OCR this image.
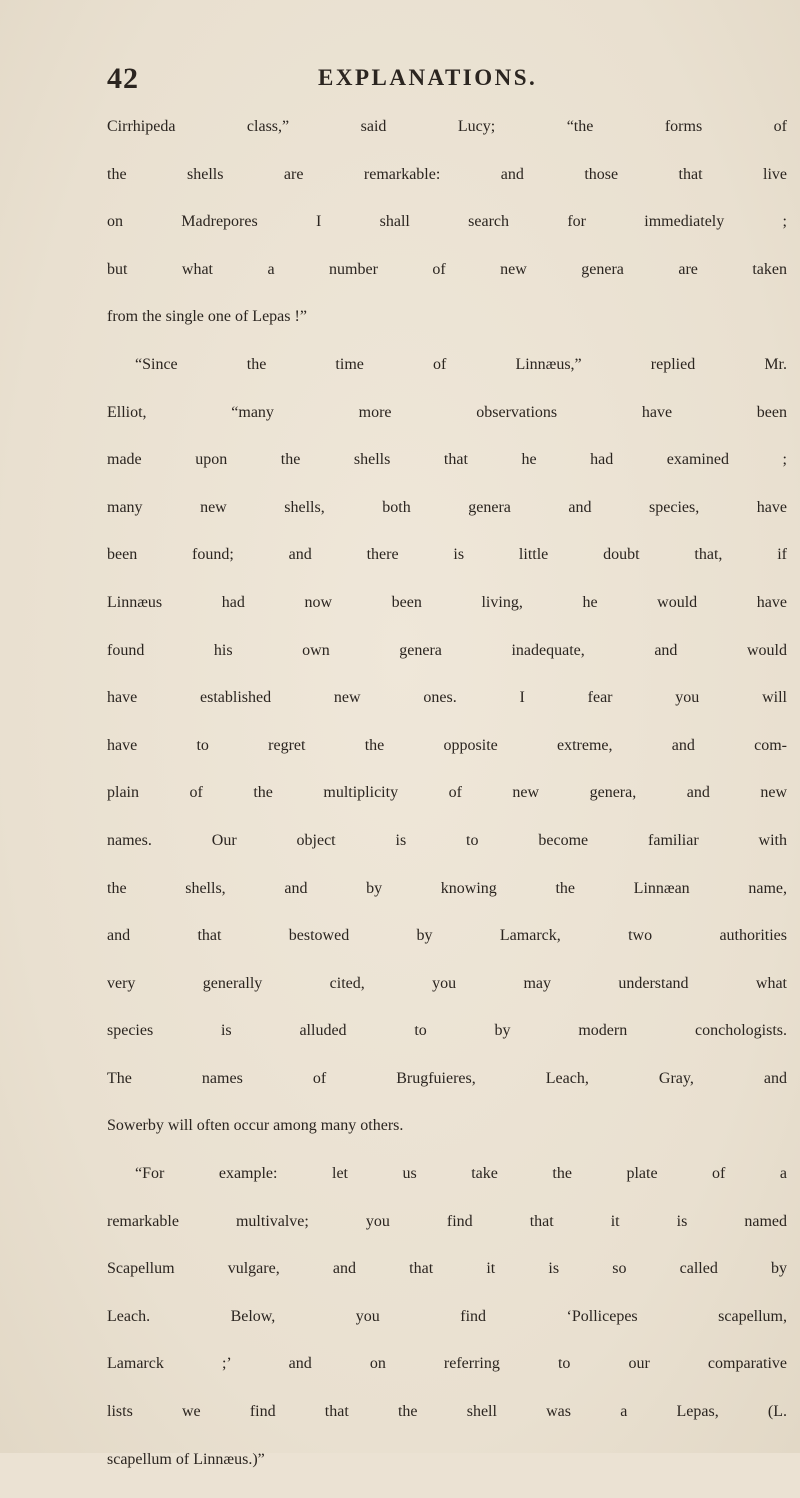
42	EXPLANATIONS.
Cirrhipeda class,” said Lucy; “the forms of
the shells are remarkable: and those that live
on Madrepores I shall search for immediately ;
but what a number of new genera are taken
from the single one of Lepas !”
“Since the time of Linnæus,” replied Mr.
Elliot, “many more observations have been
made upon the shells that he had examined ;
many new shells, both genera and species, have
been found; and there is little doubt that, if
Linnæus had now been living, he would have
found his own genera inadequate, and would
have established new ones. I fear you will
have to regret the opposite extreme, and com-
plain of the multiplicity of new genera, and new
names. Our object is to become familiar with
the shells, and by knowing the Linnæan name,
and that bestowed by Lamarck, two authorities
very generally cited, you may understand what
species is alluded to by modern conchologists.
The names of Brugfuieres, Leach, Gray, and
Sowerby will often occur among many others.
“For example: let us take the plate of a
remarkable multivalve; you find that it is named
Scapellum vulgare, and that it is so called by
Leach. Below, you find ‘Pollicepes scapellum,
Lamarck ;’ and on referring to our comparative
lists we find that the shell was a Lepas, (L.
scapellum of Linnæus.)”
